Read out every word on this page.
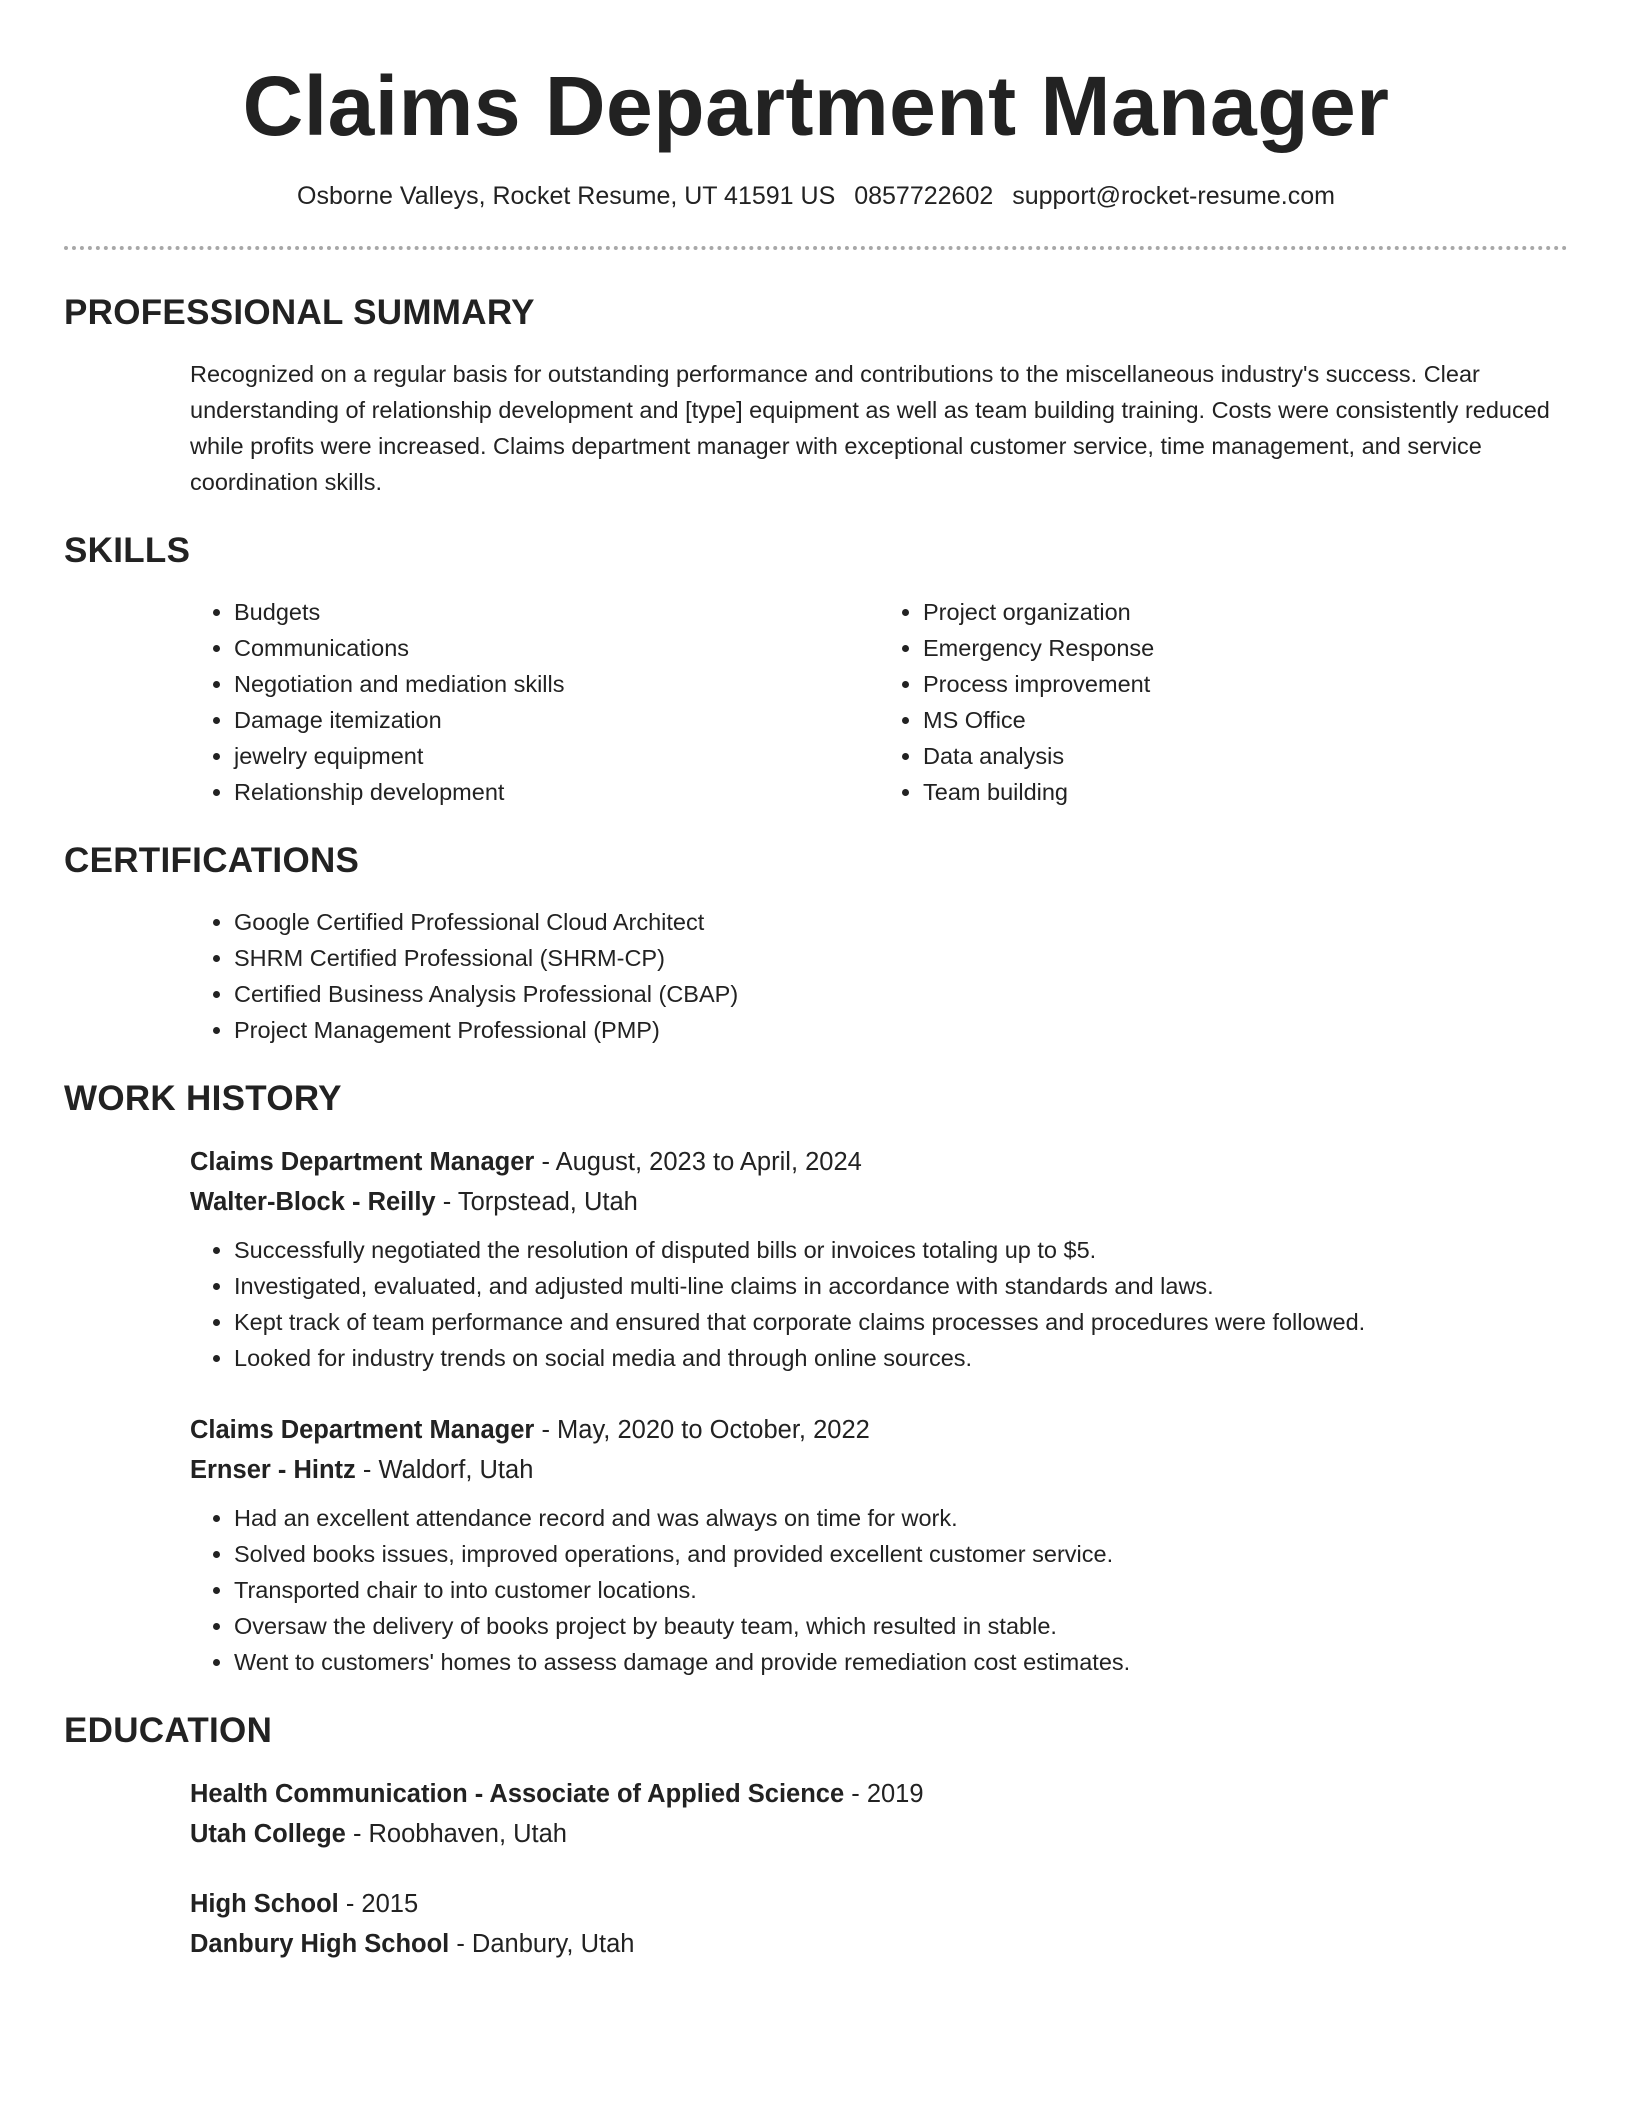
Claims Department Manager
Osborne Valleys, Rocket Resume, UT 41591 US 0857722602 support@rocket-resume.com
PROFESSIONAL SUMMARY

Recognized on a regular basis for outstanding performance and contributions to the miscellaneous industry's success. Clear understanding of relationship development and [type] equipment as well as team building training. Costs were consistently reduced while profits were increased. Claims department manager with exceptional customer service, time management, and service coordination skills.

SKILLS
• Budgets
• Communications
• Negotiation and mediation skills
• Damage itemization
• jewelry equipment
• Relationship development
• Project organization
• Emergency Response
• Process improvement
• MS Office
• Data analysis
• Team building
CERTIFICATIONS
• Google Certified Professional Cloud Architect
• SHRM Certified Professional (SHRM-CP)
• Certified Business Analysis Professional (CBAP)
• Project Management Professional (PMP)
WORK HISTORY
Claims Department Manager - August, 2023 to April, 2024
Walter-Block - Reilly - Torpstead, Utah
• Successfully negotiated the resolution of disputed bills or invoices totaling up to $5.
• Investigated, evaluated, and adjusted multi-line claims in accordance with standards and laws.
• Kept track of team performance and ensured that corporate claims processes and procedures were followed.
• Looked for industry trends on social media and through online sources.
Claims Department Manager - May, 2020 to October, 2022
Ernser - Hintz - Waldorf, Utah
• Had an excellent attendance record and was always on time for work.
• Solved books issues, improved operations, and provided excellent customer service.
• Transported chair to into customer locations.
• Oversaw the delivery of books project by beauty team, which resulted in stable.
• Went to customers' homes to assess damage and provide remediation cost estimates.
EDUCATION
Health Communication - Associate of Applied Science - 2019
Utah College - Roobhaven, Utah
High School - 2015
Danbury High School - Danbury, Utah
